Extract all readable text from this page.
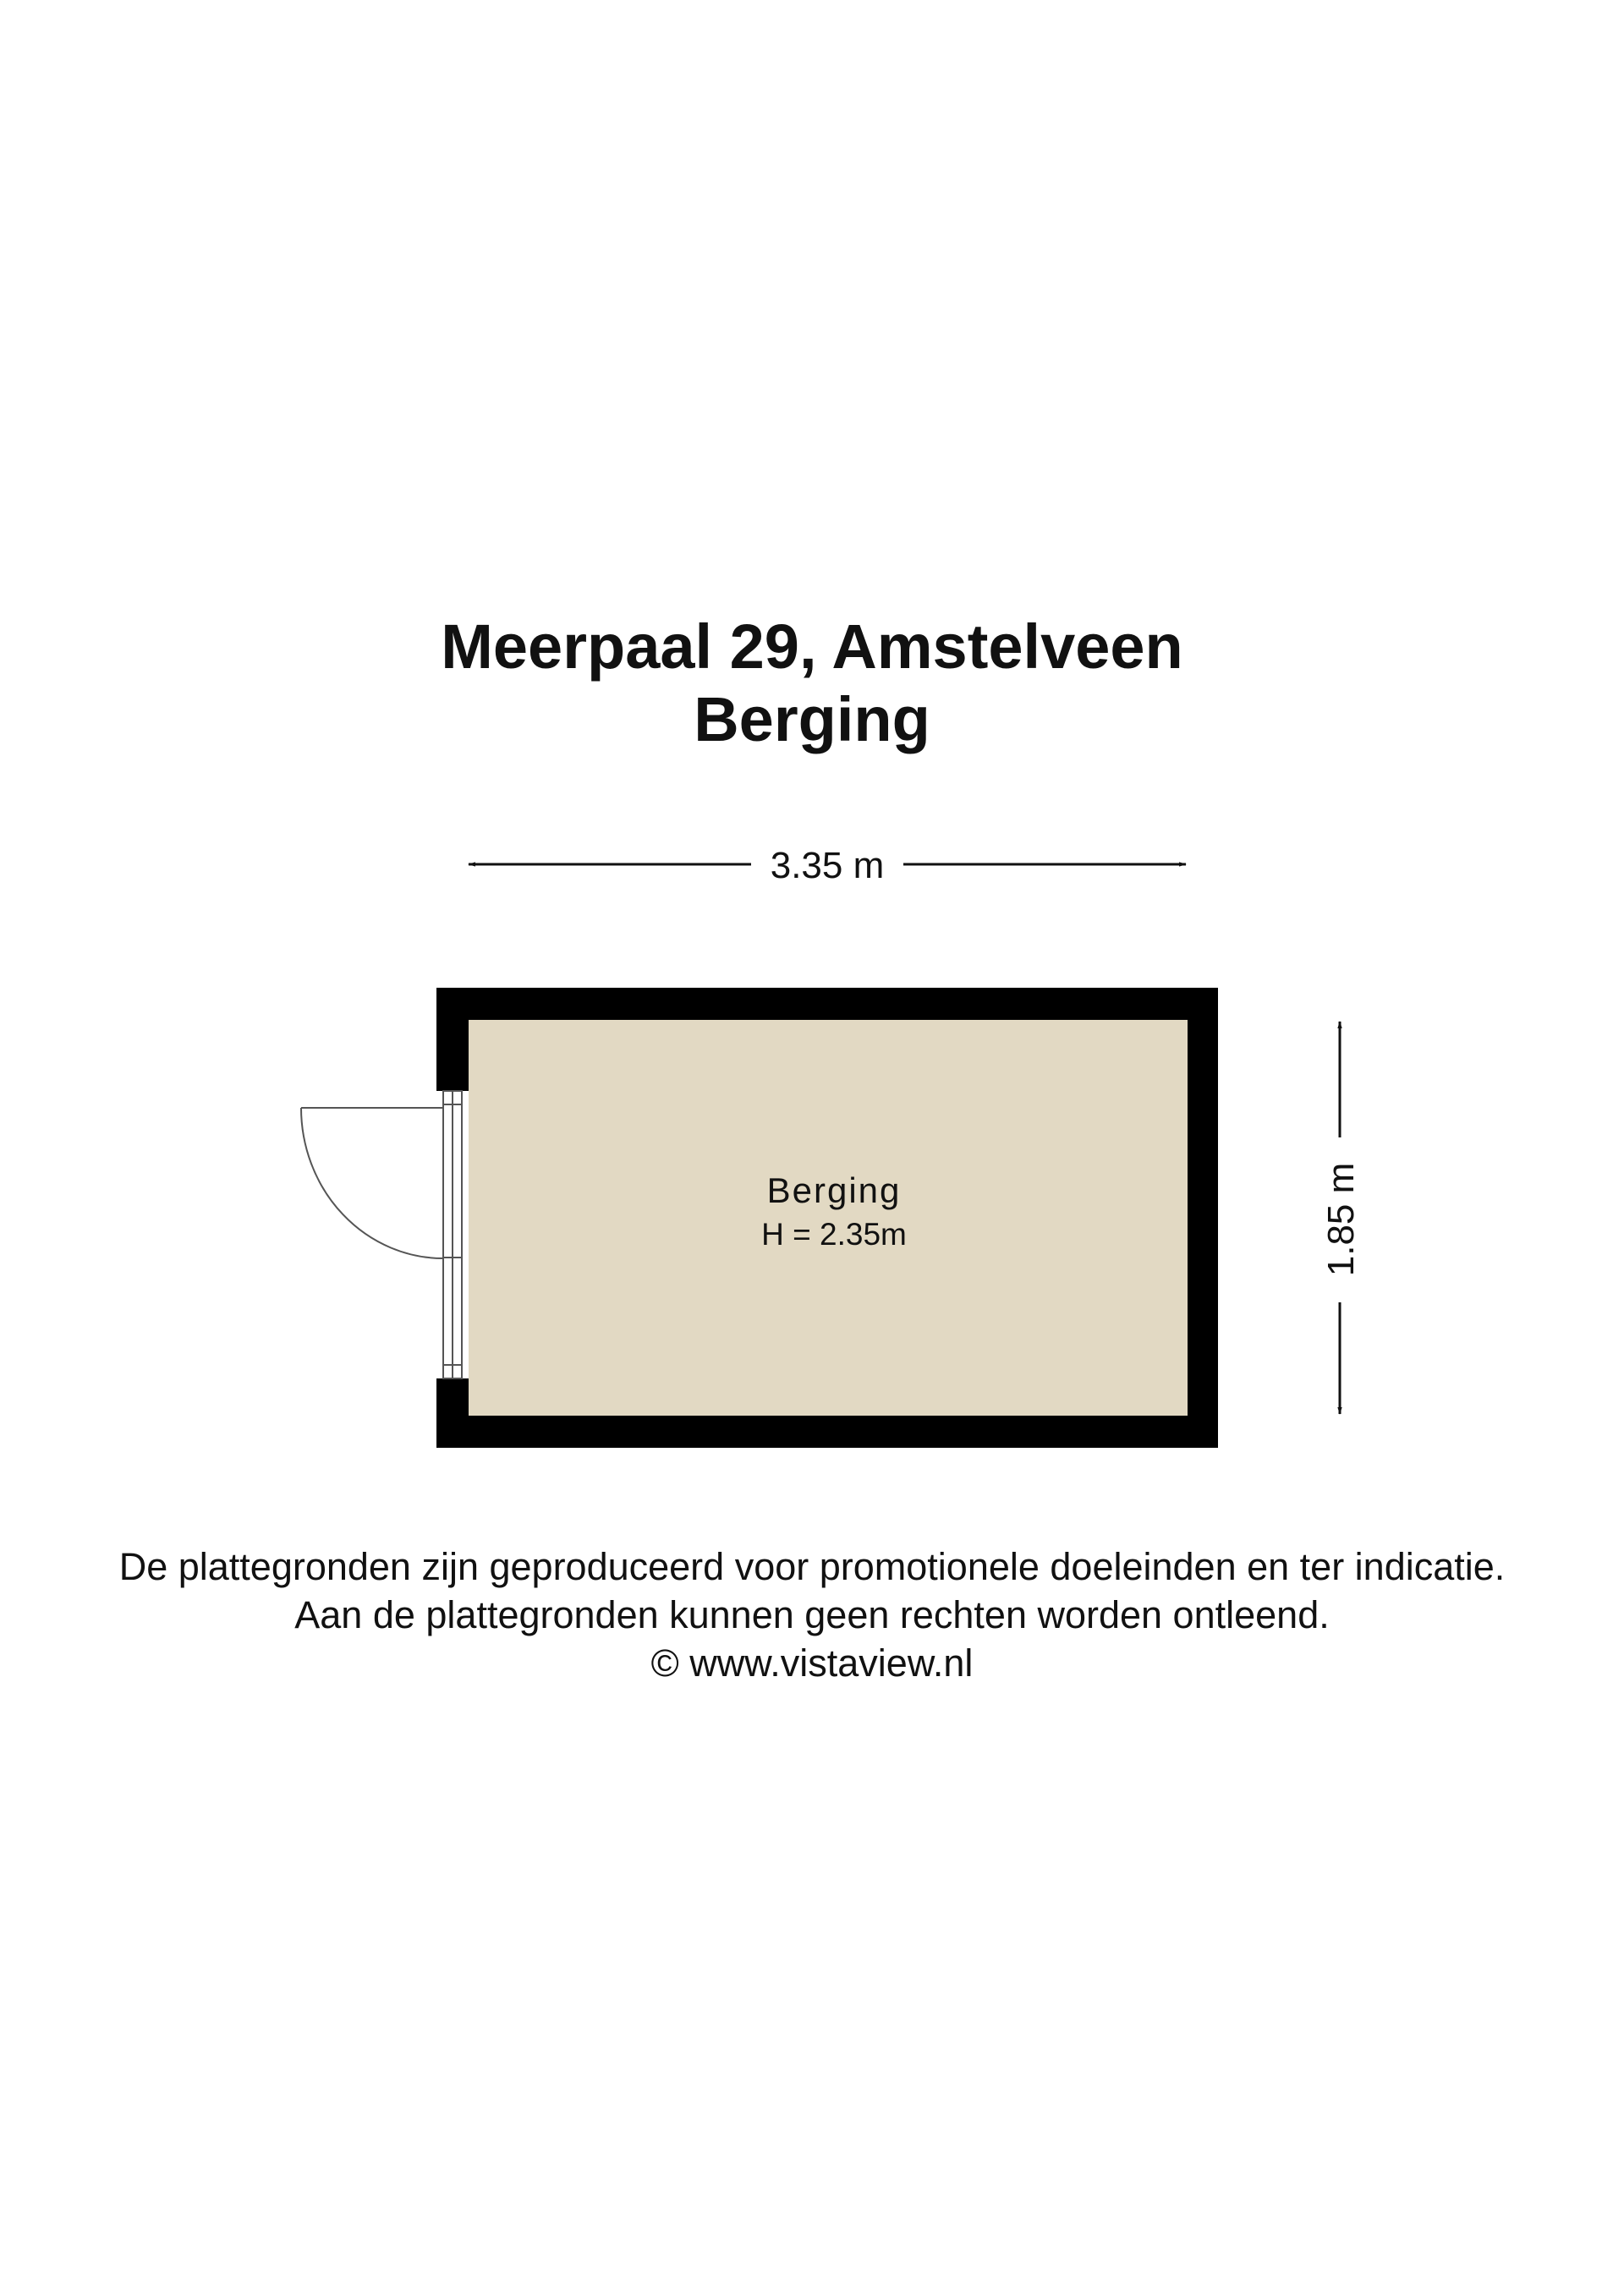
Meerpaal 29, Amstelveen
Berging
3.35 m
1.85 m
Berging
H = 2.35m
De plattegronden zijn geproduceerd voor promotionele doeleinden en ter indicatie.
Aan de plattegronden kunnen geen rechten worden ontleend.
© www.vistaview.nl
